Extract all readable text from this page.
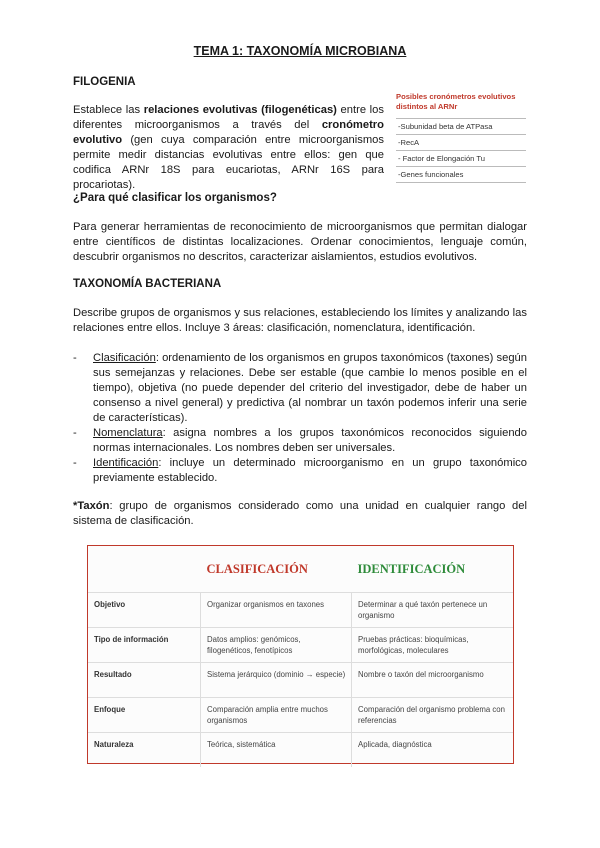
TEMA 1: TAXONOMÍA MICROBIANA
FILOGENIA
Establece las relaciones evolutivas (filogenéticas) entre los diferentes microorganismos a través del cronómetro evolutivo (gen cuya comparación entre microorganismos permite medir distancias evolutivas entre ellos: gen que codifica ARNr 18S para eucariotas, ARNr 16S para procariotas).
Posibles cronómetros evolutivos distintos al ARNr
-Subunidad beta de ATPasa
-RecA
- Factor de Elongación Tu
-Genes funcionales
¿Para qué clasificar los organismos?
Para generar herramientas de reconocimiento de microorganismos que permitan dialogar entre científicos de distintas localizaciones. Ordenar conocimientos, lenguaje común, descubrir organismos no descritos, caracterizar aislamientos, estudios evolutivos.
TAXONOMÍA BACTERIANA
Describe grupos de organismos y sus relaciones, estableciendo los límites y analizando las relaciones entre ellos. Incluye 3 áreas: clasificación, nomenclatura, identificación.
-	Clasificación: ordenamiento de los organismos en grupos taxonómicos (taxones) según sus semejanzas y relaciones. Debe ser estable (que cambie lo menos posible en el tiempo), objetiva (no puede depender del criterio del investigador, debe de haber un consenso a nivel general) y predictiva (al nombrar un taxón podemos inferir una serie de características).
-	Nomenclatura: asigna nombres a los grupos taxonómicos reconocidos siguiendo normas internacionales. Los nombres deben ser universales.
-	Identificación: incluye un determinado microorganismo en un grupo taxonómico previamente establecido.
*Taxón: grupo de organismos considerado como una unidad en cualquier rango del sistema de clasificación.
	CLASIFICACIÓN	IDENTIFICACIÓN
Objetivo	Organizar organismos en taxones	Determinar a qué taxón pertenece un organismo
Tipo de información	Datos amplios: genómicos, filogenéticos, fenotípicos	Pruebas prácticas: bioquímicas, morfológicas, moleculares
Resultado	Sistema jerárquico (dominio → especie)	Nombre o taxón del microorganismo
Enfoque	Comparación amplia entre muchos organismos	Comparación del organismo problema con referencias
Naturaleza	Teórica, sistemática	Aplicada, diagnóstica
